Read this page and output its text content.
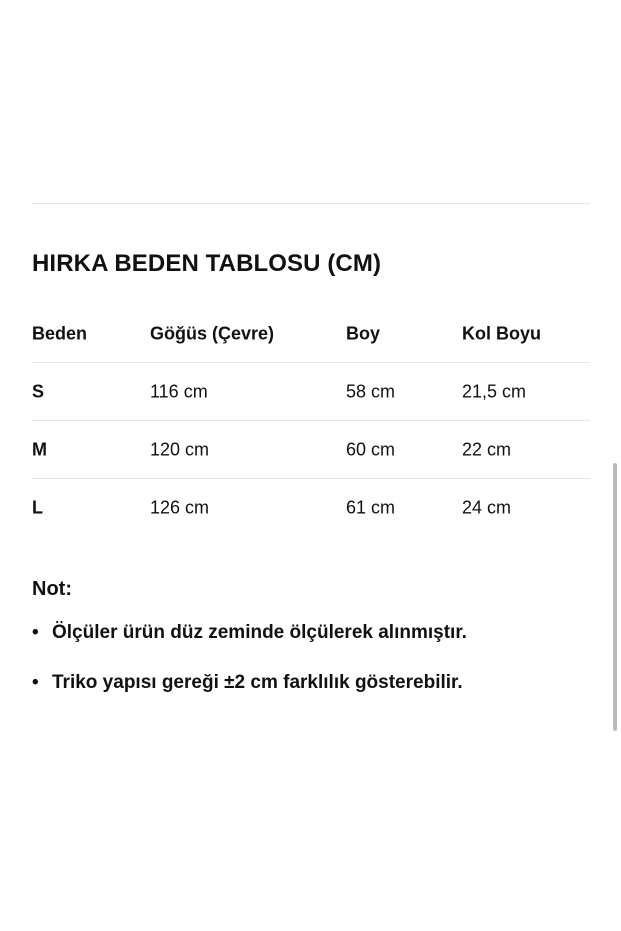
HIRKA BEDEN TABLOSU (CM)
Beden	Göğüs (Çevre)	Boy	Kol Boyu
S	116 cm	58 cm	21,5 cm
M	120 cm	60 cm	22 cm
L	126 cm	61 cm	24 cm
Not:
• Ölçüler ürün düz zeminde ölçülerek alınmıştır.
• Triko yapısı gereği ±2 cm farklılık gösterebilir.
